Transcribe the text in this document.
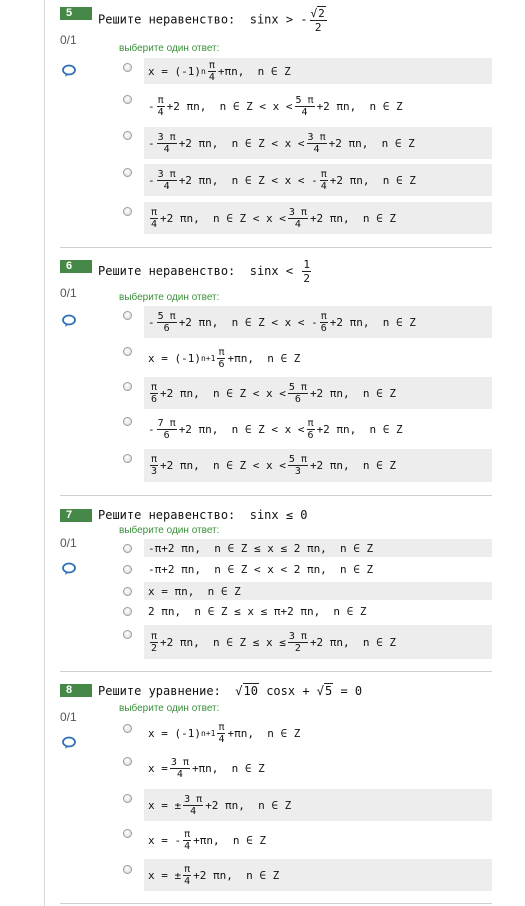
5	Решите неравенство:  sinx > - $\frac{√2}{2}$
0/1
выберите один ответ:
x = (-1) n $\frac{\pi}{4} +\pi n$,  n ∈ Z
- $\frac{\pi}{4} +2$ πn,  n ∈ $Z < x < \frac{5 \pi}{4} +2$ πn,  n ∈ Z
- $\frac{3 \pi}{4} +2$ πn,  n ∈ $Z < x < \frac{3 \pi}{4} +2$ πn,  n ∈ Z
- $\frac{3 \pi}{4} +2$ πn,  n ∈ Z < x < - $\frac{\pi}{4} +2$ πn,  n ∈ Z
$\frac{\pi}{4} +2$ πn,  n ∈ $Z < x < \frac{3 \pi}{4} +2$ πn,  n ∈ Z
6	Решите неравенство:  $\sin x < \frac{1}{2}$
0/1	выберите один ответ:
- $\frac{5 \pi}{6} +2$ πn,  n ∈ Z < x < - $\frac{\pi}{6} +2$ πn,  n ∈ Z
x = (-1) $n+1 \frac{\pi}{6} +\pi n$,  n ∈ Z
$\frac{\pi}{6} +2$ πn,  n ∈ $Z < x < \frac{5 \pi}{6} +2$ πn,  n ∈ Z
- $\frac{7 \pi}{6} +2$ πn,  n ∈ $Z < x < \frac{\pi}{6} +2$ πn,  n ∈ Z
$\frac{\pi}{3} +2$ πn,  n ∈ $Z < x < \frac{5 \pi}{3} +2$ πn,  n ∈ Z
7	Решите неравенство:  sinx ≤ 0
0/1
выберите один ответ:
-π+2 πn,  n ∈ Z ≤ x ≤ 2 πn,  n ∈ Z
-π+2 πn,  n ∈ Z < x < 2 πn,  n ∈ Z
x = πn,  n ∈ Z
2 πn,  n ∈ Z ≤ x ≤ π+2 πn,  n ∈ Z
$\frac{\pi}{2} +2$ πn,  n ∈ $Z \le x \le \frac{3 \pi}{2} +2$ πn,  n ∈ Z
8	Решите уравнение:  √10 cosx + √5 = 0
0/1
выберите один ответ:
x = (-1) $n+1 \frac{\pi}{4} +\pi n$,  n ∈ Z
$x = \frac{3 \pi}{4} +\pi n$,  n ∈ Z
x = ± $\frac{3 \pi}{4} +2$ πn,  n ∈ Z
x = - $\frac{\pi}{4} +\pi n$,  n ∈ Z
x = ± $\frac{\pi}{4} +2$ πn,  n ∈ Z
